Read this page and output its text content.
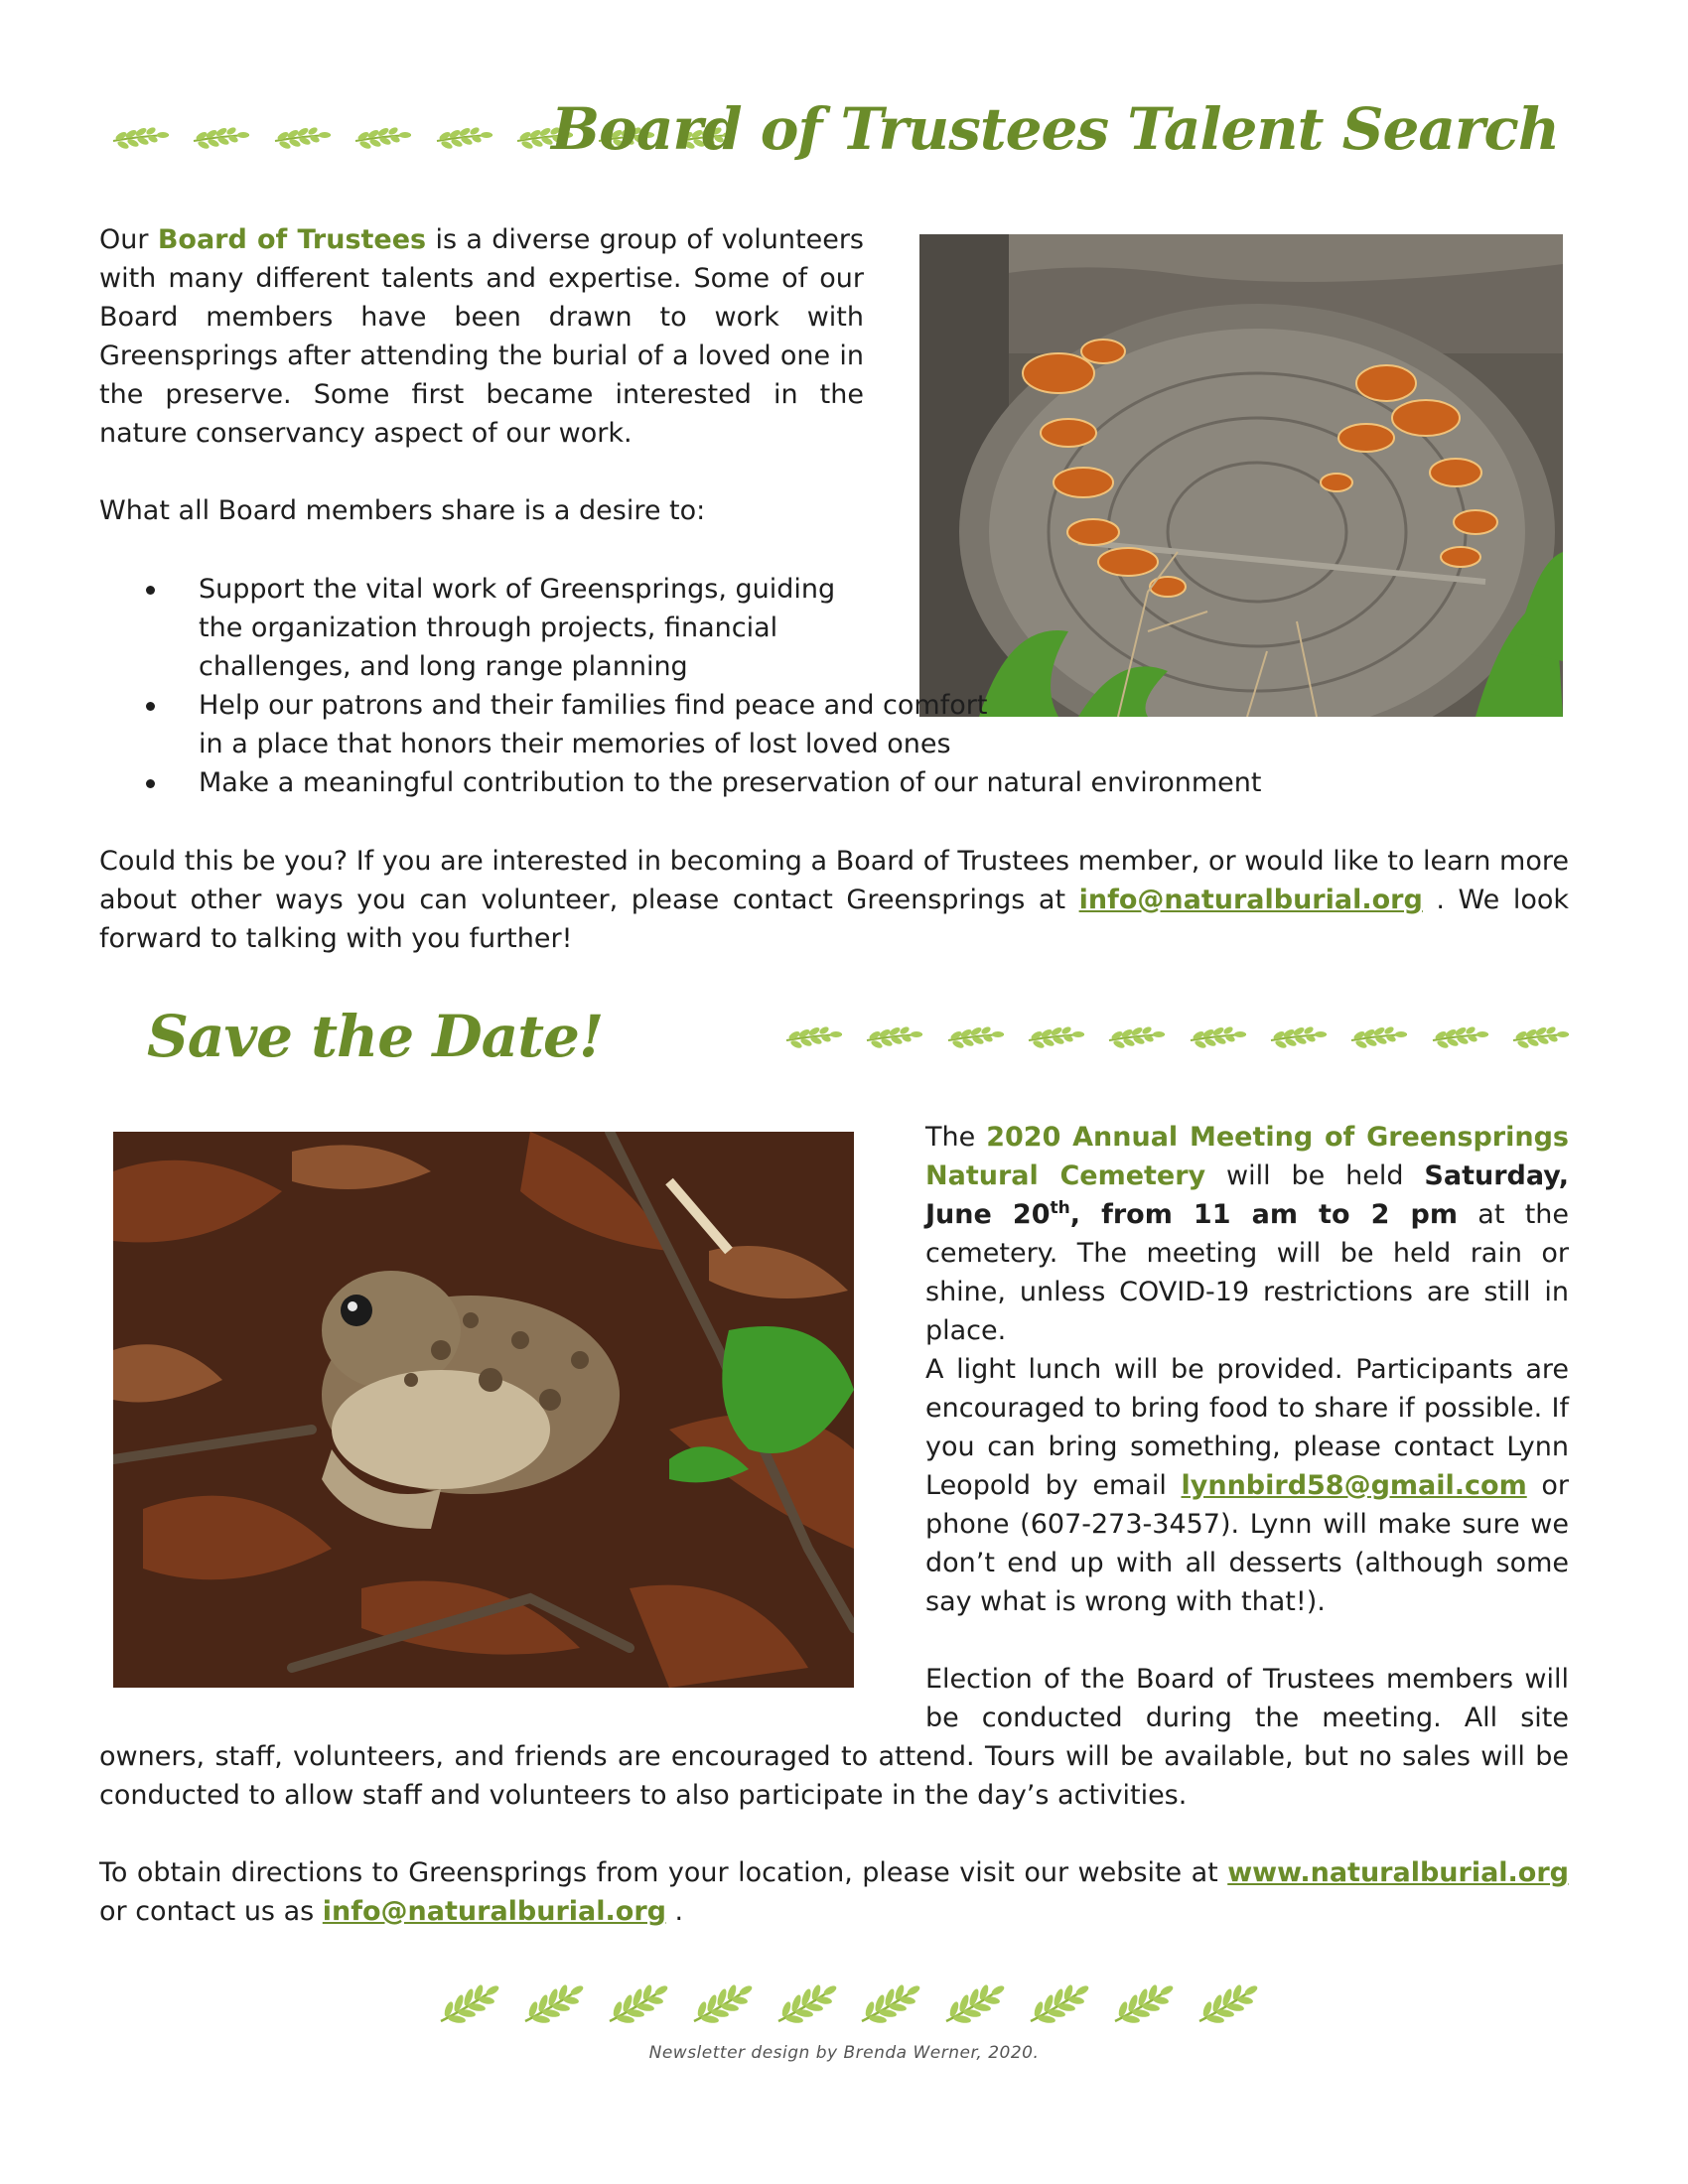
Board of Trustees Talent Search
Our Board of Trustees is a diverse group of volunteers with many different talents and expertise. Some of our Board members have been drawn to work with Greensprings after attending the burial of a loved one in the preserve. Some first became interested in the nature conservancy aspect of our work.
What all Board members share is a desire to:
Support the vital work of Greensprings, guiding the organization through projects, financial challenges, and long range planning
Help our patrons and their families find peace and comfort in a place that honors their memories of lost loved ones
Make a meaningful contribution to the preservation of our natural environment
Could this be you? If you are interested in becoming a Board of Trustees member, or would like to learn more about other ways you can volunteer, please contact Greensprings at info@naturalburial.org . We look forward to talking with you further!
Save the Date!
The 2020 Annual Meeting of Greensprings Natural Cemetery will be held Saturday, June 20th, from 11 am to 2 pm at the cemetery. The meeting will be held rain or shine, unless COVID-19 restrictions are still in place.
A light lunch will be provided. Participants are encouraged to bring food to share if possible. If you can bring something, please contact Lynn Leopold by email lynnbird58@gmail.com or phone (607-273-3457). Lynn will make sure we don’t end up with all desserts (although some say what is wrong with that!).
Election of the Board of Trustees members will be conducted during the meeting. All site
owners, staff, volunteers, and friends are encouraged to attend. Tours will be available, but no sales will be conducted to allow staff and volunteers to also participate in the day’s activities.
To obtain directions to Greensprings from your location, please visit our website at www.naturalburial.org or contact us as info@naturalburial.org .
Newsletter design by Brenda Werner, 2020.
